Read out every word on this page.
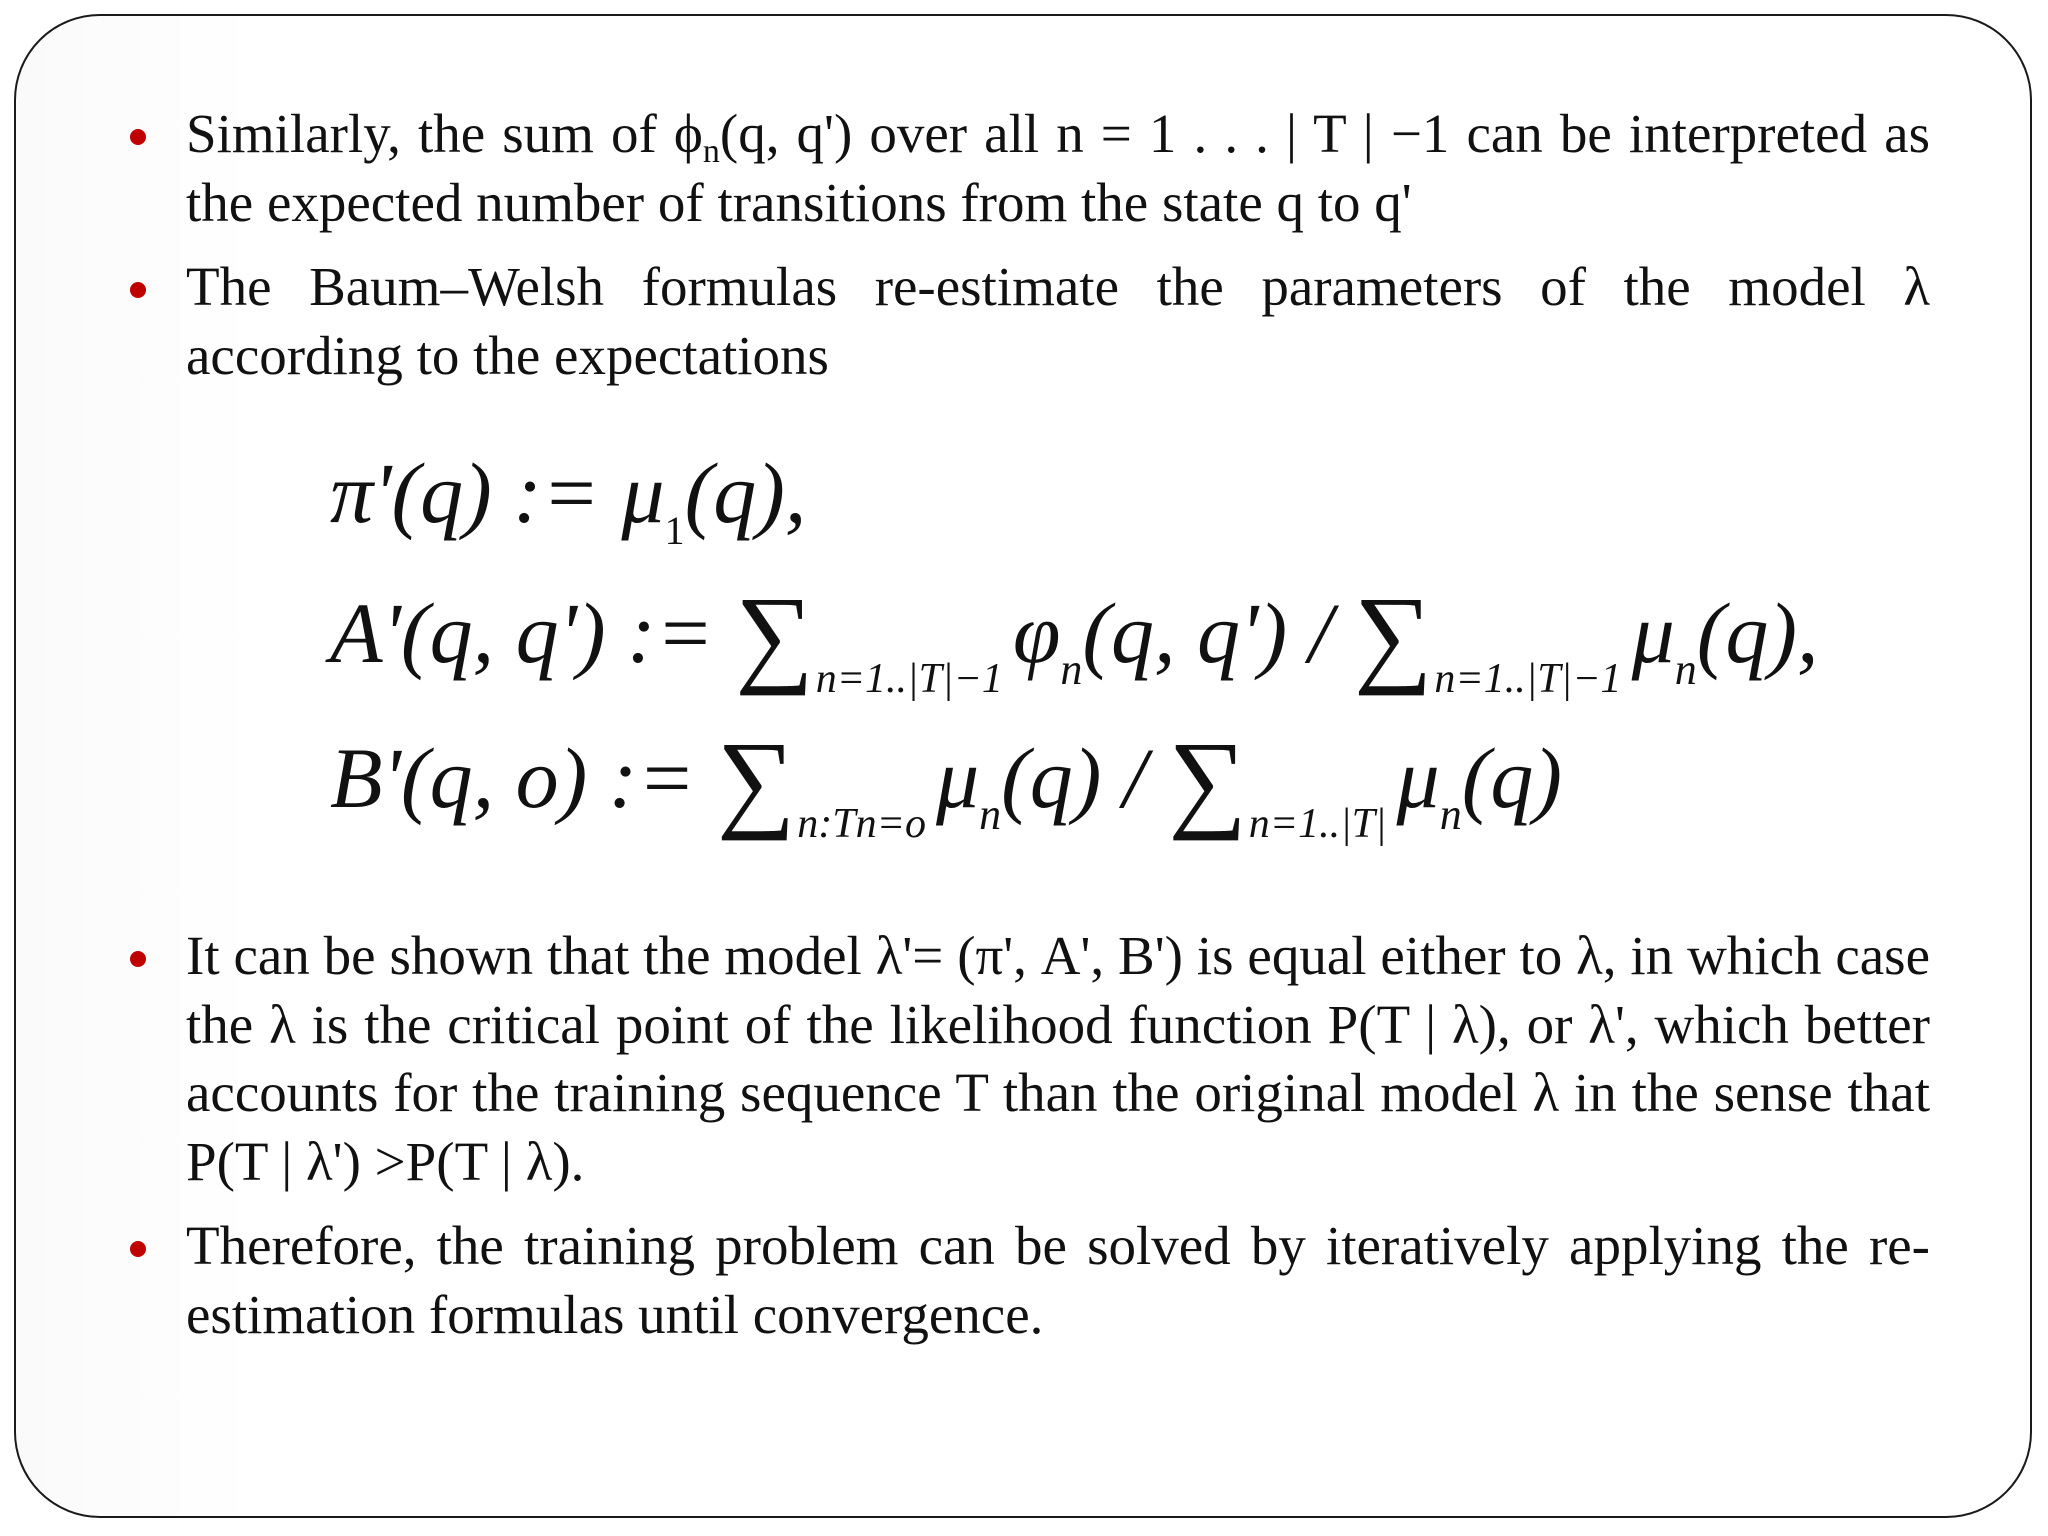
Similarly, the sum of $\phi_n(q$, q') over all n = 1 . . . | T | −1 can be interpreted as the expected number of transitions from the state q to q'
The Baum–Welsh formulas re-estimate the parameters of the model λ according to the expectations
π'(q) := $\mu_1(q)$,
A'(q, q') := $\sum_{n=1..|T|-1}$ $\varphi_n(q$, $q') / \sum_{n=1..|T|-1}$ $\mu_n(q)$,
B'(q, o) := $\sum_{n:Tn=o}$ $\mu_n(q) / \sum_{n=1..|T|}$ $\mu_n(q)$
It can be shown that the model λ'= (π', A', B') is equal either to λ, in which case the λ is the critical point of the likelihood function P(T | λ), or λ', which better accounts for the training sequence T than the original model λ in the sense that P(T | λ') >P(T | λ).
Therefore, the training problem can be solved by iteratively applying the re-estimation formulas until convergence.
